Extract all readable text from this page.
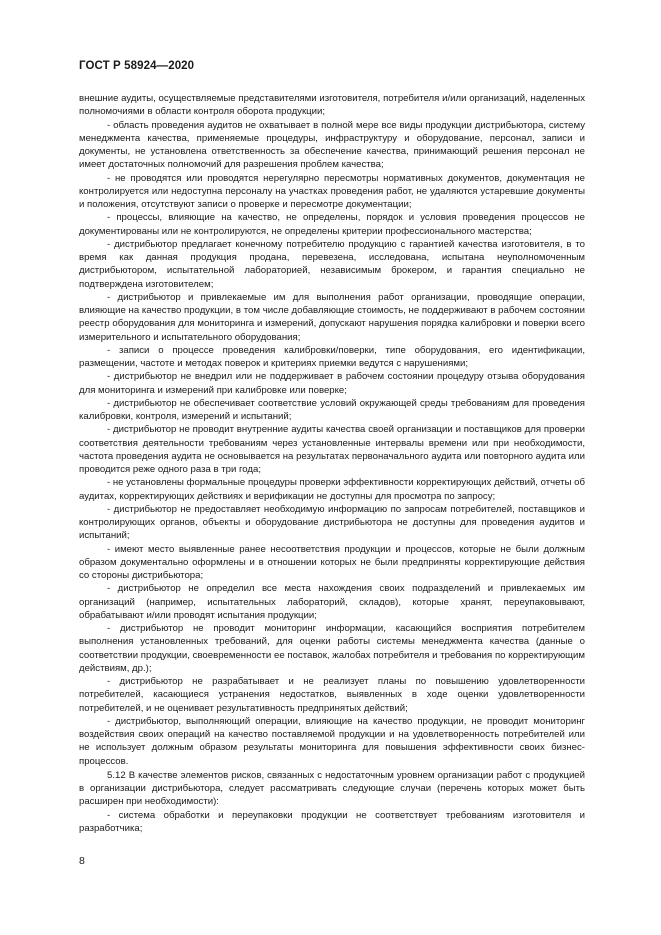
ГОСТ Р 58924—2020

внешние аудиты, осуществляемые представителями изготовителя, потребителя и/или организаций, наделенных полномочиями в области контроля оборота продукции;

- область проведения аудитов не охватывает в полной мере все виды продукции дистрибьютора, систему менеджмента качества, применяемые процедуры, инфраструктуру и оборудование, персонал, записи и документы, не установлена ответственность за обеспечение качества, принимающий решения персонал не имеет достаточных полномочий для разрешения проблем качества;

- не проводятся или проводятся нерегулярно пересмотры нормативных документов, документация не контролируется или недоступна персоналу на участках проведения работ, не удаляются устаревшие документы и положения, отсутствуют записи о проверке и пересмотре документации;

- процессы, влияющие на качество, не определены, порядок и условия проведения процессов не документированы или не контролируются, не определены критерии профессионального мастерства;

- дистрибьютор предлагает конечному потребителю продукцию с гарантией качества изготовителя, в то время как данная продукция продана, перевезена, исследована, испытана неуполномоченным дистрибьютором, испытательной лабораторией, независимым брокером, и гарантия специально не подтверждена изготовителем;

- дистрибьютор и привлекаемые им для выполнения работ организации, проводящие операции, влияющие на качество продукции, в том числе добавляющие стоимость, не поддерживают в рабочем состоянии реестр оборудования для мониторинга и измерений, допускают нарушения порядка калибровки и поверки всего измерительного и испытательного оборудования;

- записи о процессе проведения калибровки/поверки, типе оборудования, его идентификации, размещении, частоте и методах поверок и критериях приемки ведутся с нарушениями;

- дистрибьютор не внедрил или не поддерживает в рабочем состоянии процедуру отзыва оборудования для мониторинга и измерений при калибровке или поверке;

- дистрибьютор не обеспечивает соответствие условий окружающей среды требованиям для проведения калибровки, контроля, измерений и испытаний;

- дистрибьютор не проводит внутренние аудиты качества своей организации и поставщиков для проверки соответствия деятельности требованиям через установленные интервалы времени или при необходимости, частота проведения аудита не основывается на результатах первоначального аудита или повторного аудита или проводится реже одного раза в три года;

- не установлены формальные процедуры проверки эффективности корректирующих действий, отчеты об аудитах, корректирующих действиях и верификации не доступны для просмотра по запросу;

- дистрибьютор не предоставляет необходимую информацию по запросам потребителей, поставщиков и контролирующих органов, объекты и оборудование дистрибьютора не доступны для проведения аудитов и испытаний;

- имеют место выявленные ранее несоответствия продукции и процессов, которые не были должным образом документально оформлены и в отношении которых не были предприняты корректирующие действия со стороны дистрибьютора;

- дистрибьютор не определил все места нахождения своих подразделений и привлекаемых им организаций (например, испытательных лабораторий, складов), которые хранят, переупаковывают, обрабатывают и/или проводят испытания продукции;

- дистрибьютор не проводит мониторинг информации, касающийся восприятия потребителем выполнения установленных требований, для оценки работы системы менеджмента качества (данные о соответствии продукции, своевременности ее поставок, жалобах потребителя и требования по корректирующим действиям, др.);

- дистрибьютор не разрабатывает и не реализует планы по повышению удовлетворенности потребителей, касающиеся устранения недостатков, выявленных в ходе оценки удовлетворенности потребителей, и не оценивает результативность предпринятых действий;

- дистрибьютор, выполняющий операции, влияющие на качество продукции, не проводит мониторинг воздействия своих операций на качество поставляемой продукции и на удовлетворенность потребителей или не использует должным образом результаты мониторинга для повышения эффективности своих бизнес-процессов.

5.12 В качестве элементов рисков, связанных с недостаточным уровнем организации работ с продукцией в организации дистрибьютора, следует рассматривать следующие случаи (перечень которых может быть расширен при необходимости):

- система обработки и переупаковки продукции не соответствует требованиям изготовителя и разработчика;

8
